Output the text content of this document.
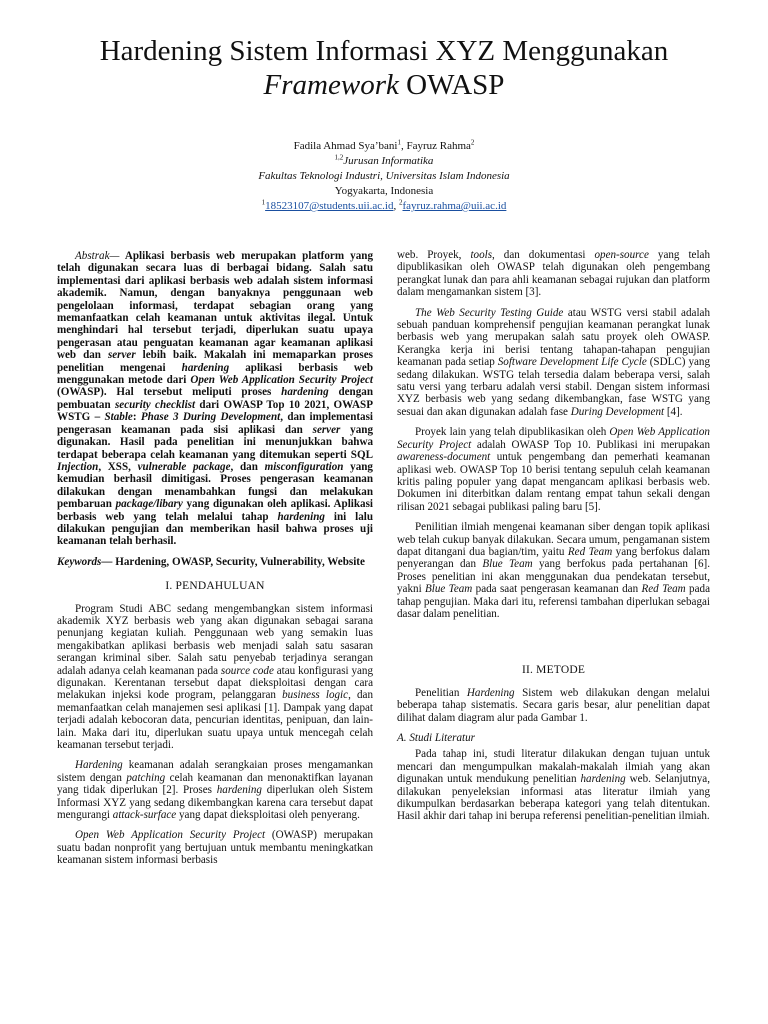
Hardening Sistem Informasi XYZ Menggunakan
Framework OWASP
Fadila Ahmad Sya’bani$^1$, Fayruz Rahma$^2$
$^{1,2}$Jurusan Informatika
Fakultas Teknologi Industri, Universitas Islam Indonesia
Yogyakarta, Indonesia
$^1$18523107@students.uii.ac.id, $^2$fayruz.rahma@uii.ac.id

Abstrak— Aplikasi berbasis web merupakan platform yang telah digunakan secara luas di berbagai bidang. Salah satu implementasi dari aplikasi berbasis web adalah sistem informasi akademik. Namun, dengan banyaknya penggunaan web pengelolaan informasi, terdapat sebagian orang yang memanfaatkan celah keamanan untuk aktivitas ilegal. Untuk menghindari hal tersebut terjadi, diperlukan suatu upaya pengerasan atau penguatan keamanan agar keamanan aplikasi web dan server lebih baik. Makalah ini memaparkan proses penelitian mengenai hardening aplikasi berbasis web menggunakan metode dari Open Web Application Security Project (OWASP). Hal tersebut meliputi proses hardening dengan pembuatan security checklist dari OWASP Top 10 2021, OWASP WSTG – Stable: Phase 3 During Development, dan implementasi pengerasan keamanan pada sisi aplikasi dan server yang digunakan. Hasil pada penelitian ini menunjukkan bahwa terdapat beberapa celah keamanan yang ditemukan seperti SQL Injection, XSS, vulnerable package, dan misconfiguration yang kemudian berhasil dimitigasi. Proses pengerasan keamanan dilakukan dengan menambahkan fungsi dan melakukan pembaruan package/libary yang digunakan oleh aplikasi. Aplikasi berbasis web yang telah melalui tahap hardening ini lalu dilakukan pengujian dan memberikan hasil bahwa proses uji keamanan telah berhasil.

Keywords— Hardening, OWASP, Security, Vulnerability, Website

I. PENDAHULUAN

Program Studi ABC sedang mengembangkan sistem informasi akademik XYZ berbasis web yang akan digunakan sebagai sarana penunjang kegiatan kuliah. Penggunaan web yang semakin luas mengakibatkan aplikasi berbasis web menjadi salah satu sasaran serangan kriminal siber. Salah satu penyebab terjadinya serangan adalah adanya celah keamanan pada source code atau konfigurasi yang digunakan. Kerentanan tersebut dapat dieksploitasi dengan cara melakukan injeksi kode program, pelanggaran business logic, dan memanfaatkan celah manajemen sesi aplikasi [1]. Dampak yang dapat terjadi adalah kebocoran data, pencurian identitas, penipuan, dan lain-lain. Maka dari itu, diperlukan suatu upaya untuk mencegah celah keamanan tersebut terjadi.

Hardening keamanan adalah serangkaian proses mengamankan sistem dengan patching celah keamanan dan menonaktifkan layanan yang tidak diperlukan [2]. Proses hardening diperlukan oleh Sistem Informasi XYZ yang sedang dikembangkan karena cara tersebut dapat mengurangi attack-surface yang dapat dieksploitasi oleh penyerang.

Open Web Application Security Project (OWASP) merupakan suatu badan nonprofit yang bertujuan untuk membantu meningkatkan keamanan sistem informasi berbasis

web. Proyek, tools, dan dokumentasi open-source yang telah dipublikasikan oleh OWASP telah digunakan oleh pengembang perangkat lunak dan para ahli keamanan sebagai rujukan dan platform dalam mengamankan sistem [3].

The Web Security Testing Guide atau WSTG versi stabil adalah sebuah panduan komprehensif pengujian keamanan perangkat lunak berbasis web yang merupakan salah satu proyek oleh OWASP. Kerangka kerja ini berisi tentang tahapan-tahapan pengujian keamanan pada setiap Software Development Life Cycle (SDLC) yang sedang dilakukan. WSTG telah tersedia dalam beberapa versi, salah satu versi yang terbaru adalah versi stabil. Dengan sistem informasi XYZ berbasis web yang sedang dikembangkan, fase WSTG yang sesuai dan akan digunakan adalah fase During Development [4].

Proyek lain yang telah dipublikasikan oleh Open Web Application Security Project adalah OWASP Top 10. Publikasi ini merupakan awareness-document untuk pengembang dan pemerhati keamanan aplikasi web. OWASP Top 10 berisi tentang sepuluh celah keamanan kritis paling populer yang dapat mengancam aplikasi berbasis web. Dokumen ini diterbitkan dalam rentang empat tahun sekali dengan rilisan 2021 sebagai publikasi paling baru [5].

Penilitian ilmiah mengenai keamanan siber dengan topik aplikasi web telah cukup banyak dilakukan. Secara umum, pengamanan sistem dapat ditangani dua bagian/tim, yaitu Red Team yang berfokus dalam penyerangan dan Blue Team yang berfokus pada pertahanan [6]. Proses penelitian ini akan menggunakan dua pendekatan tersebut, yakni Blue Team pada saat pengerasan keamanan dan Red Team pada tahap pengujian. Maka dari itu, referensi tambahan diperlukan sebagai dasar dalam penelitian.

II. METODE

Penelitian Hardening Sistem web dilakukan dengan melalui beberapa tahap sistematis. Secara garis besar, alur penelitian dapat dilihat dalam diagram alur pada Gambar 1.

A. Studi Literatur

Pada tahap ini, studi literatur dilakukan dengan tujuan untuk mencari dan mengumpulkan makalah-makalah ilmiah yang akan digunakan untuk mendukung penelitian hardening web. Selanjutnya, dilakukan penyeleksian informasi atas literatur ilmiah yang dikumpulkan berdasarkan beberapa kategori yang telah ditentukan. Hasil akhir dari tahap ini berupa referensi penelitian-penelitian ilmiah.
